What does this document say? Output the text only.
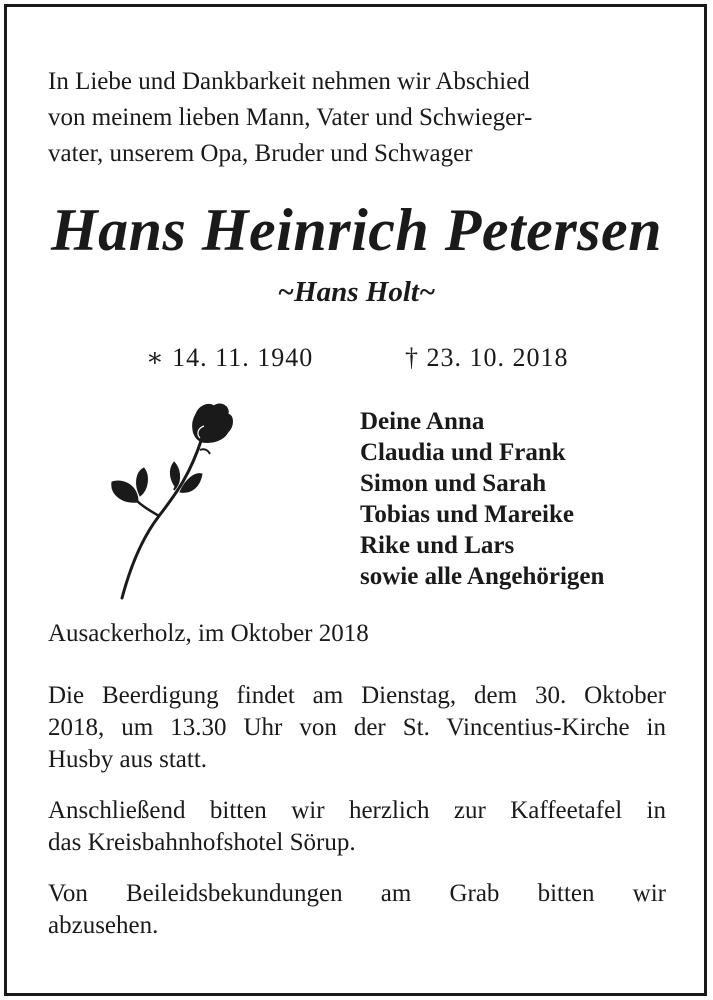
In Liebe und Dankbarkeit nehmen wir Abschied
von meinem lieben Mann, Vater und Schwieger-
vater, unserem Opa, Bruder und Schwager
Hans Heinrich Petersen
~Hans Holt~
∗ 14. 11. 1940	† 23. 10. 2018
Deine Anna
Claudia und Frank
Simon und Sarah
Tobias und Mareike
Rike und Lars
sowie alle Angehörigen
Ausackerholz, im Oktober 2018
Die Beerdigung findet am Dienstag, dem 30. Oktober
2018, um 13.30 Uhr von der St. Vincentius-Kirche in
Husby aus statt.
Anschließend bitten wir herzlich zur Kaffeetafel in
das Kreisbahnhofshotel Sörup.
Von Beileidsbekundungen am Grab bitten wir
abzusehen.
